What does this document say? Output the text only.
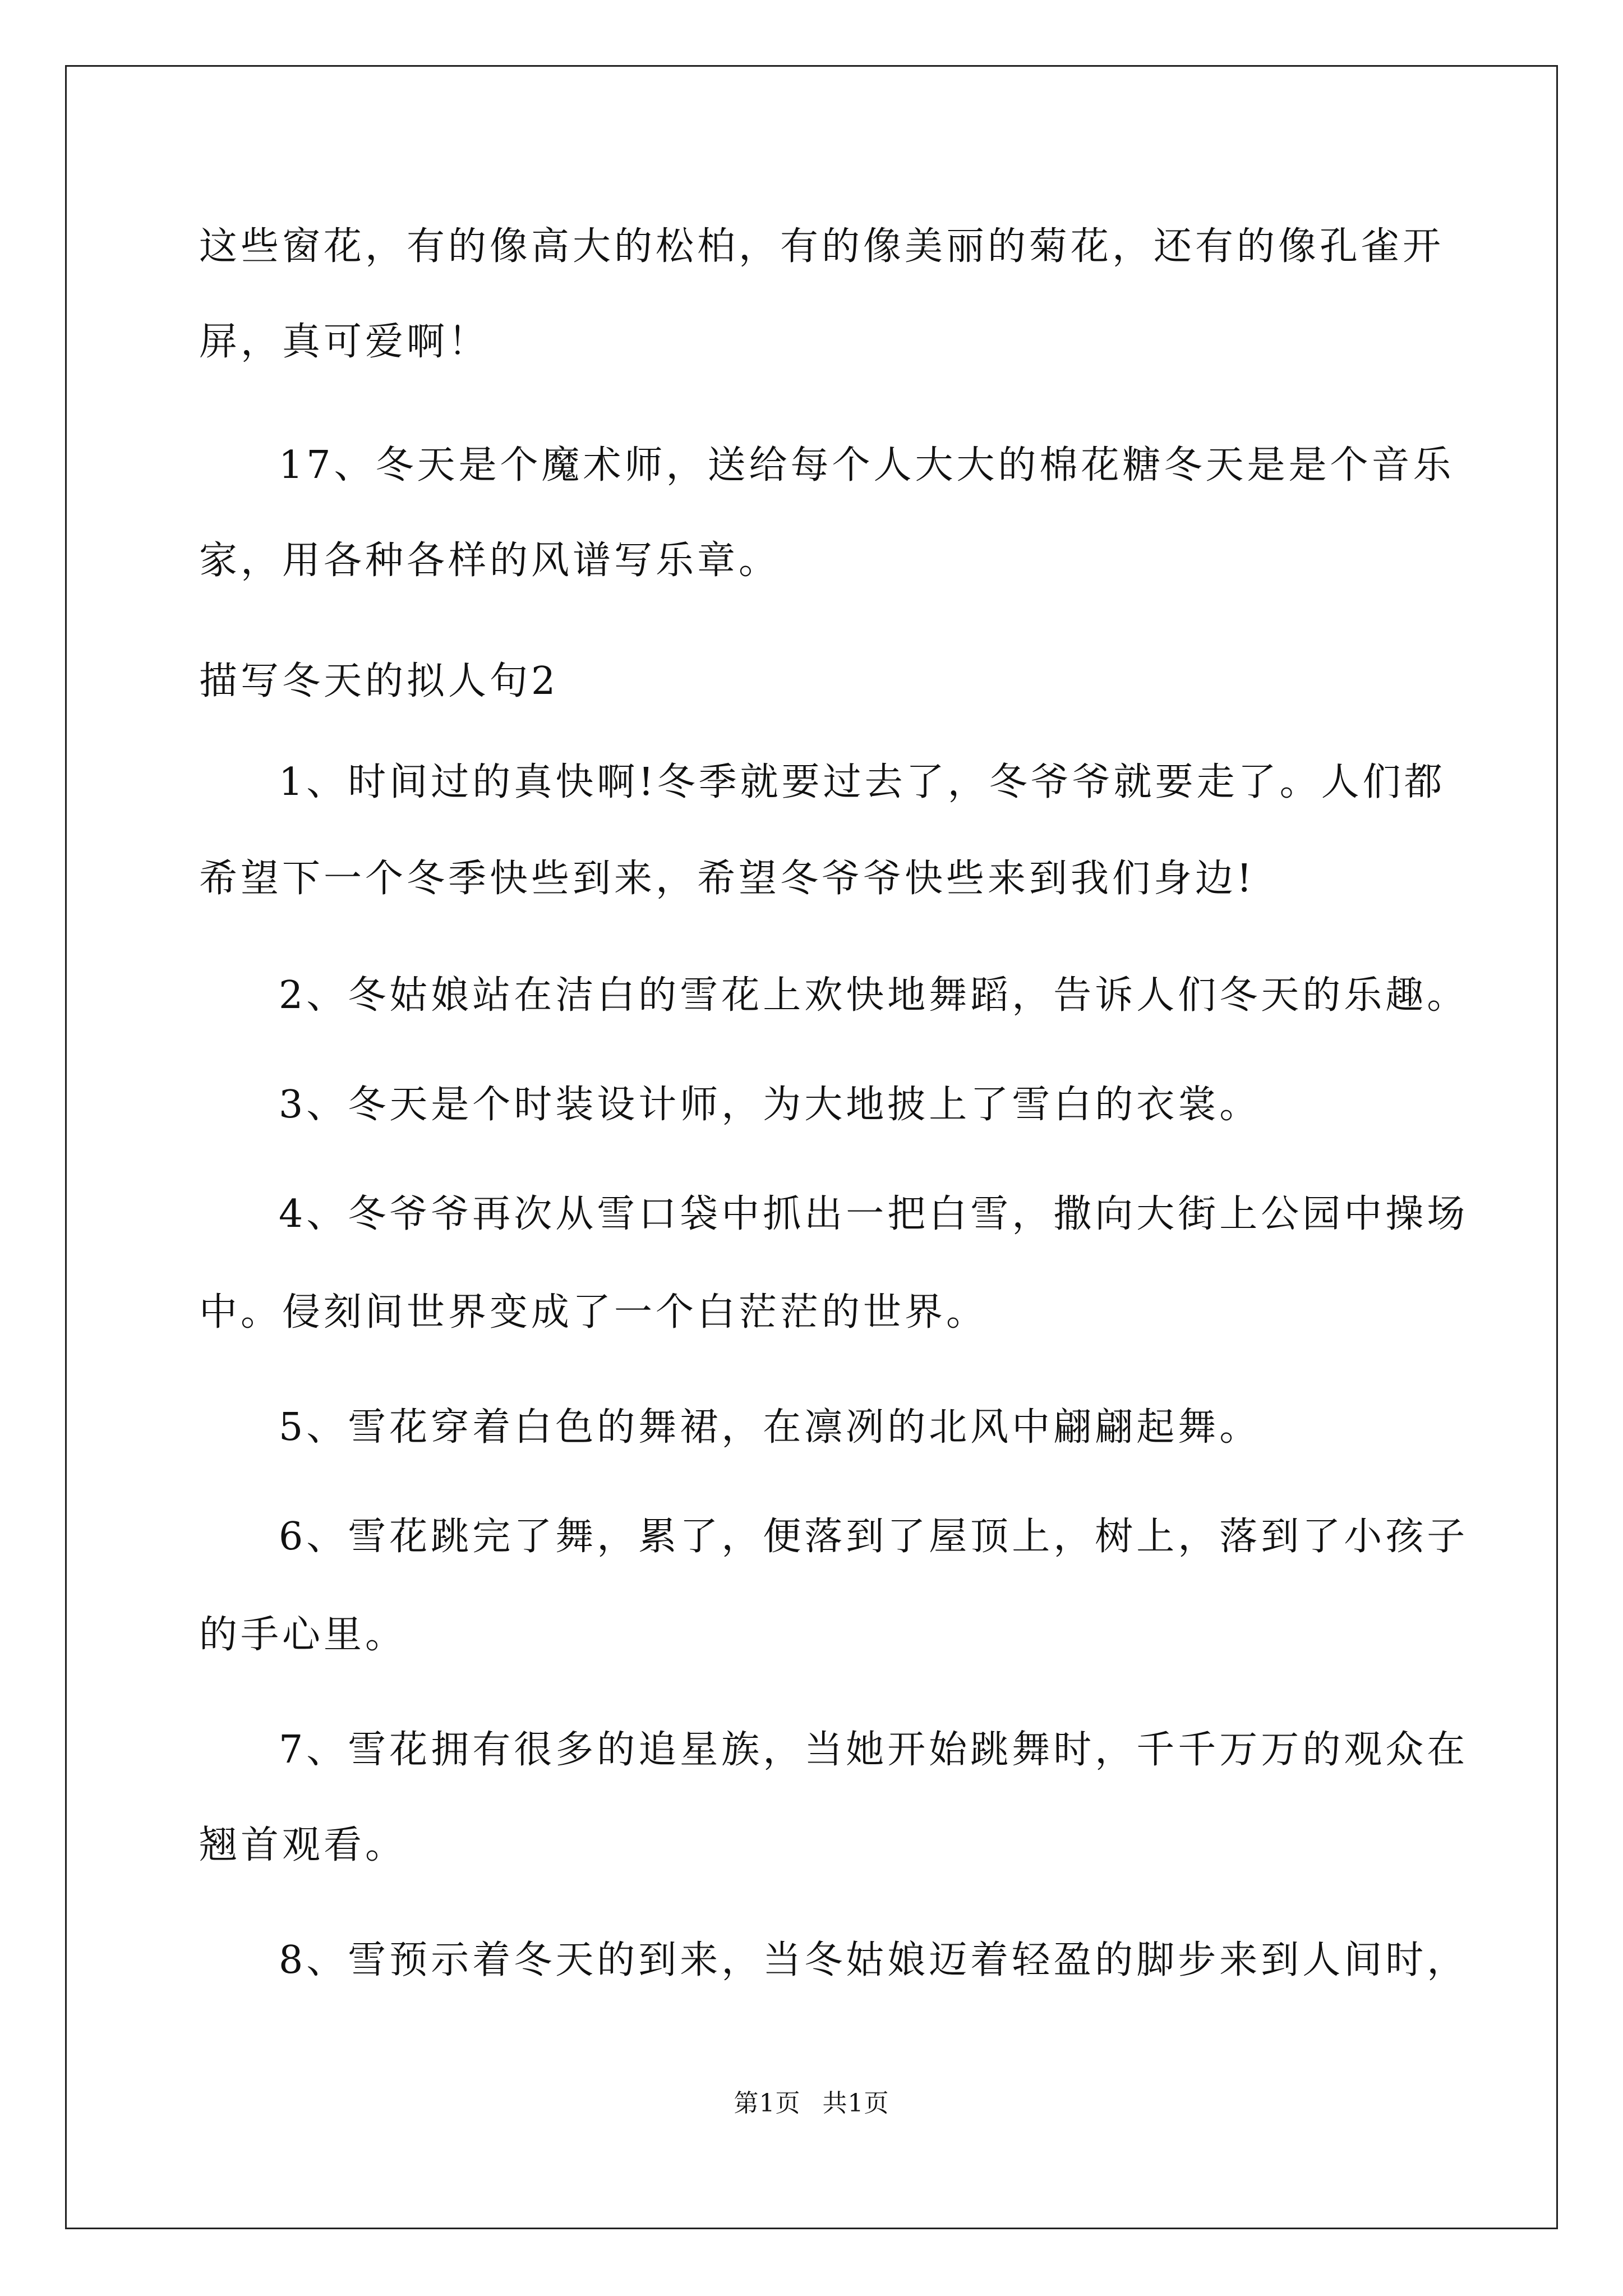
这些窗花，有的像高大的松柏，有的像美丽的菊花，还有的像孔雀开
屏，真可爱啊！
17、冬天是个魔术师，送给每个人大大的棉花糖冬天是是个音乐
家，用各种各样的风谱写乐章。
描写冬天的拟人句2
1、时间过的真快啊!冬季就要过去了，冬爷爷就要走了。人们都
希望下一个冬季快些到来，希望冬爷爷快些来到我们身边!
2、冬姑娘站在洁白的雪花上欢快地舞蹈，告诉人们冬天的乐趣。
3、冬天是个时装设计师，为大地披上了雪白的衣裳。
4、冬爷爷再次从雪口袋中抓出一把白雪，撒向大街上公园中操场
中。侵刻间世界变成了一个白茫茫的世界。
5、雪花穿着白色的舞裙，在凛冽的北风中翩翩起舞。
6、雪花跳完了舞，累了，便落到了屋顶上，树上，落到了小孩子
的手心里。
7、雪花拥有很多的追星族，当她开始跳舞时，千千万万的观众在
翘首观看。
8、雪预示着冬天的到来，当冬姑娘迈着轻盈的脚步来到人间时，
第1页 共1页
